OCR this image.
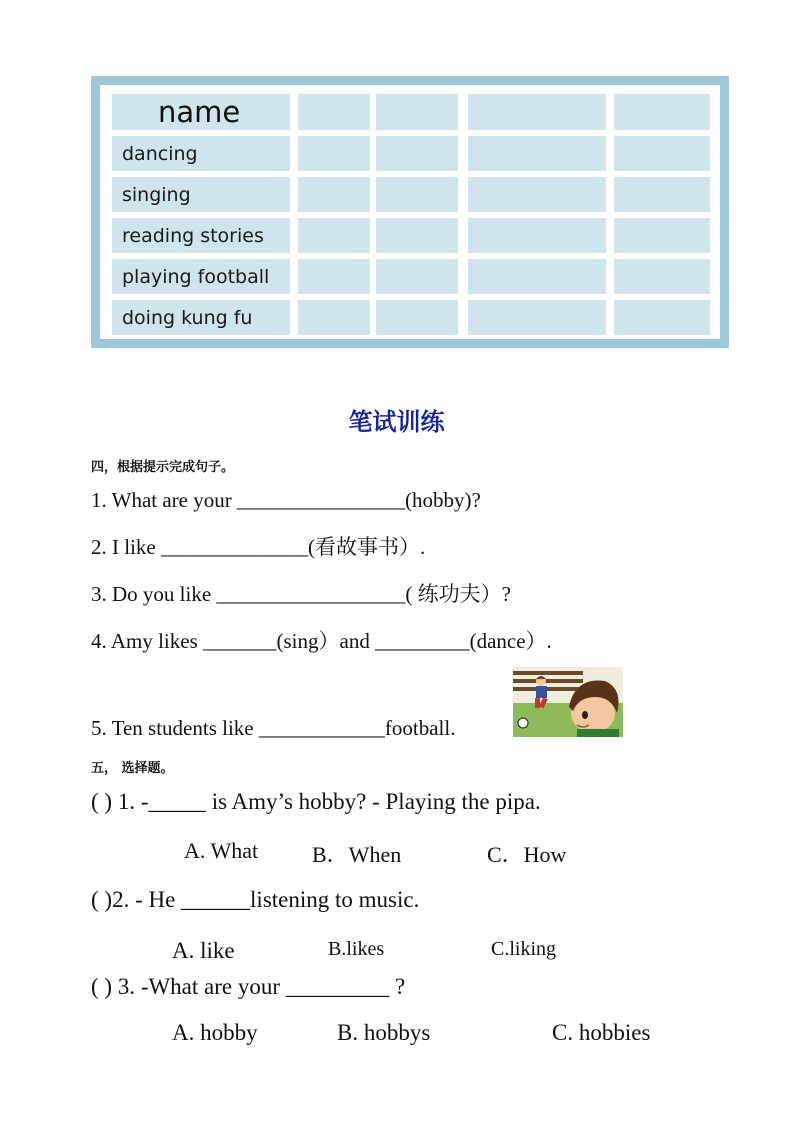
name
dancing
singing
reading stories
playing football
doing kung fu
笔试训练
四，根据提示完成句子。
1. What are your ________________(hobby)?
2. I like ______________(看故事书）.
3. Do you like __________________( 练功夫）?
4. Amy likes _______(sing）and _________(dance）.
5. Ten students like ____________football.
五， 选择题。
( ) 1. -_____ is Amy’s hobby? - Playing the pipa.
A. What B．When	C．How
( )2. - He ______listening to music.
A. like	B.likes	C.liking
( ) 3. -What are your _________ ?
A. hobby	B. hobbys	C. hobbies
